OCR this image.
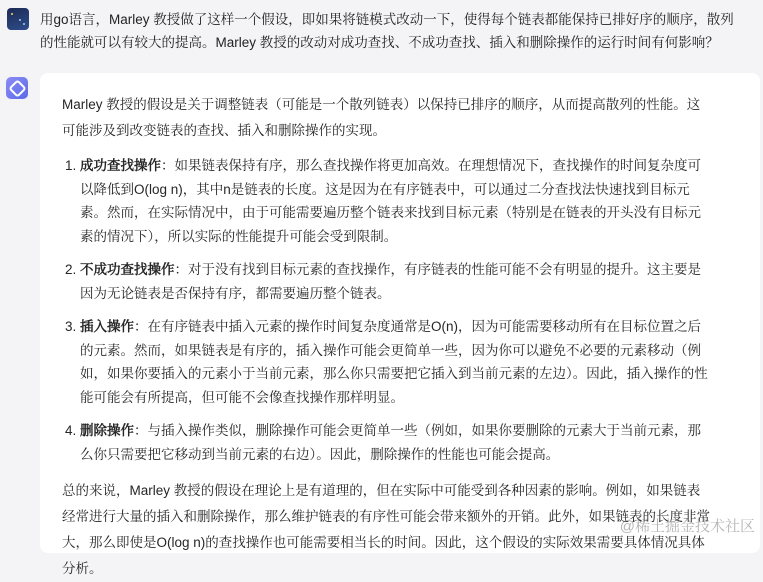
用go语言，Marley 教授做了这样一个假设，即如果将链模式改动一下，使得每个链表都能保持已排好序的顺序，散列的性能就可以有较大的提高。Marley 教授的改动对成功查找、不成功查找、插入和删除操作的运行时间有何影响？

Marley 教授的假设是关于调整链表（可能是一个散列链表）以保持已排序的顺序，从而提高散列的性能。这可能涉及到改变链表的查找、插入和删除操作的实现。

1. 成功查找操作：如果链表保持有序，那么查找操作将更加高效。在理想情况下，查找操作的时间复杂度可以降低到O(log n)，其中n是链表的长度。这是因为在有序链表中，可以通过二分查找法快速找到目标元素。然而，在实际情况中，由于可能需要遍历整个链表来找到目标元素（特别是在链表的开头没有目标元素的情况下），所以实际的性能提升可能会受到限制。
2. 不成功查找操作：对于没有找到目标元素的查找操作，有序链表的性能可能不会有明显的提升。这主要是因为无论链表是否保持有序，都需要遍历整个链表。
3. 插入操作：在有序链表中插入元素的操作时间复杂度通常是O(n)，因为可能需要移动所有在目标位置之后的元素。然而，如果链表是有序的，插入操作可能会更简单一些，因为你可以避免不必要的元素移动（例如，如果你要插入的元素小于当前元素，那么你只需要把它插入到当前元素的左边）。因此，插入操作的性能可能会有所提高，但可能不会像查找操作那样明显。
4. 删除操作：与插入操作类似，删除操作可能会更简单一些（例如，如果你要删除的元素大于当前元素，那么你只需要把它移动到当前元素的右边）。因此，删除操作的性能也可能会提高。

总的来说，Marley 教授的假设在理论上是有道理的，但在实际中可能受到各种因素的影响。例如，如果链表经常进行大量的插入和删除操作，那么维护链表的有序性可能会带来额外的开销。此外，如果链表的长度非常大，那么即使是O(log n)的查找操作也可能需要相当长的时间。因此，这个假设的实际效果需要具体情况具体分析。

@稀土掘金技术社区
